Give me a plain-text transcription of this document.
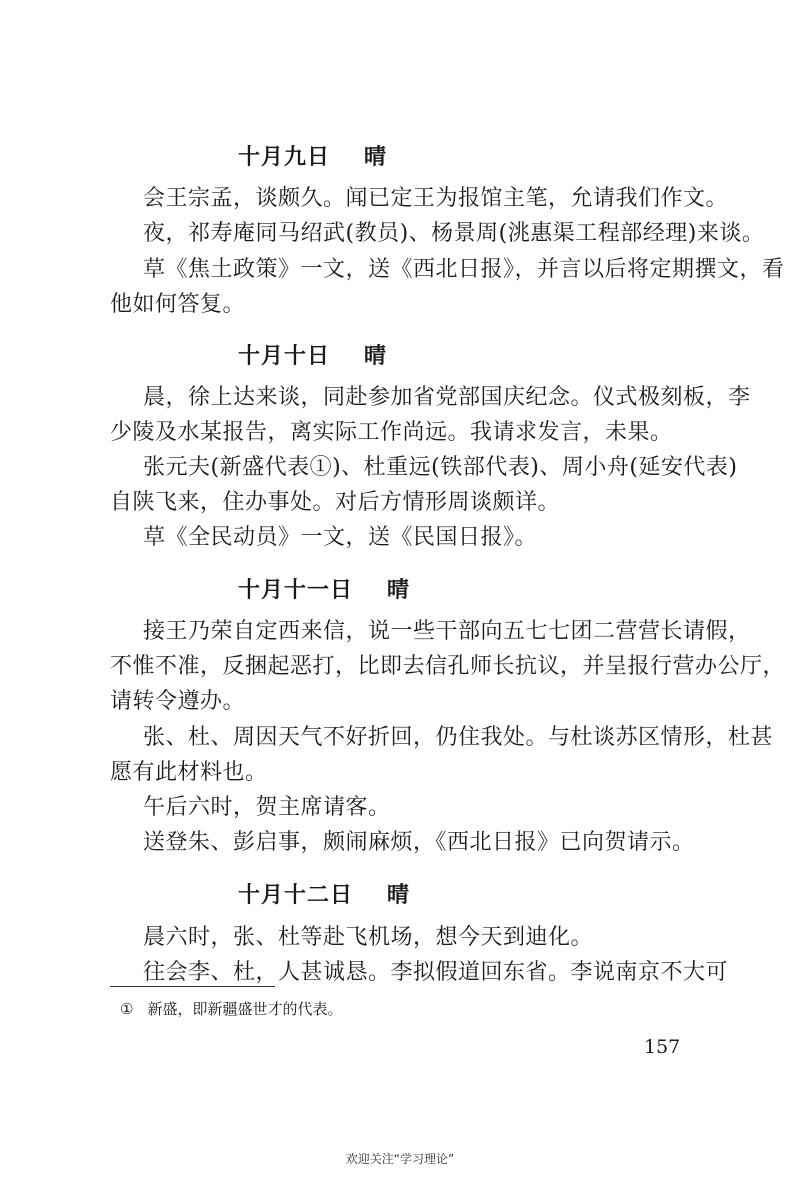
十月九日 晴
会王宗孟，谈颇久。闻已定王为报馆主笔，允请我们作文。
夜，祁寿庵同马绍武(教员)、杨景周(洮惠渠工程部经理)来谈。
草《焦土政策》一文，送《西北日报》，并言以后将定期撰文，看
他如何答复。
十月十日 晴
晨，徐上达来谈，同赴参加省党部国庆纪念。仪式极刻板，李
少陵及水某报告，离实际工作尚远。我请求发言，未果。
张元夫(新盛代表①)、杜重远(铁部代表)、周小舟(延安代表)
自陕飞来，住办事处。对后方情形周谈颇详。
草《全民动员》一文，送《民国日报》。
十月十一日 晴
接王乃荣自定西来信，说一些干部向五七七团二营营长请假，
不惟不准，反捆起恶打，比即去信孔师长抗议，并呈报行营办公厅，
请转令遵办。
张、杜、周因天气不好折回，仍住我处。与杜谈苏区情形，杜甚
愿有此材料也。
午后六时，贺主席请客。
送登朱、彭启事，颇闹麻烦，《西北日报》已向贺请示。
十月十二日 晴
晨六时，张、杜等赴飞机场，想今天到迪化。
往会李、杜，人甚诚恳。李拟假道回东省。李说南京不大可
① 新盛，即新疆盛世才的代表。
157
欢迎关注“学习理论”
